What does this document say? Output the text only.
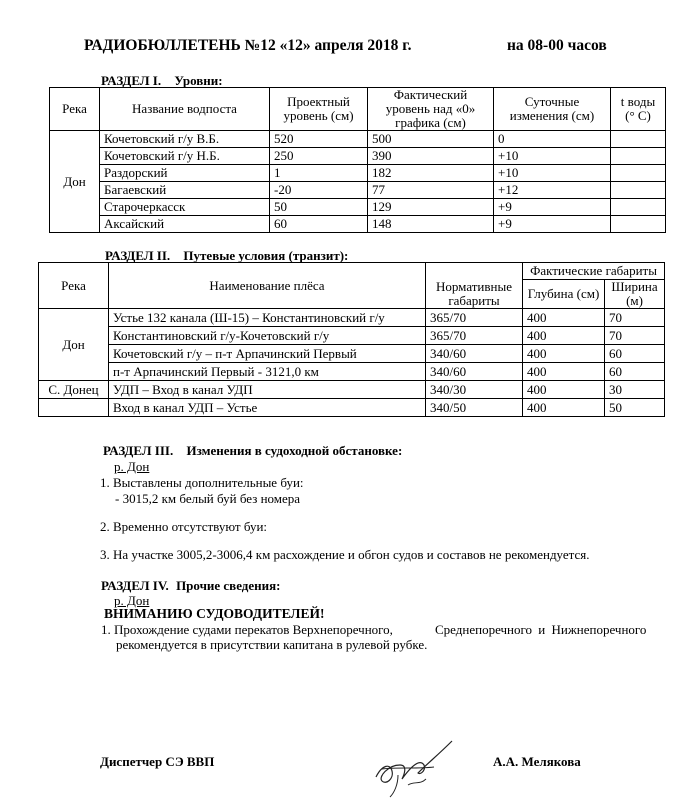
РАДИОБЮЛЛЕТЕНЬ №12 «12» апреля 2018 г.	на 08-00 часов
РАЗДЕЛ I. Уровни:
Река	Название водпоста	Проектный уровень (см)	Фактический уровень над «0» графика (см)	Суточные изменения (см)	t воды (° С)
Дон	Кочетовский г/у В.Б.	520	500	0	
	Кочетовский г/у Н.Б.	250	390	+10	
	Раздорский	1	182	+10	
	Багаевский	-20	77	+12	
	Старочеркасск	50	129	+9	
	Аксайский	60	148	+9	
РАЗДЕЛ II. Путевые условия (транзит):
Река	Наименование плёса	Нормативные габариты	Фактические габариты	
			Глубина (см)	Ширина (м)
Дон	Устье 132 канала (Ш-15) – Константиновский г/у	365/70	400	70
	Константиновский г/у-Кочетовский г/у	365/70	400	70
	Кочетовский г/у – п-т Арпачинский Первый	340/60	400	60
	п-т Арпачинский Первый - 3121,0 км	340/60	400	60
С. Донец	УДП – Вход в канал УДП	340/30	400	30
	Вход в канал УДП – Устье	340/50	400	50
РАЗДЕЛ III. Изменения в судоходной обстановке:
р. Дон
1. Выставлены дополнительные буи:
- 3015,2 км белый буй без номера
2. Временно отсутствуют буи:
3. На участке 3005,2-3006,4 км расхождение и обгон судов и составов не рекомендуется.
РАЗДЕЛ IV. Прочие сведения:
р. Дон
ВНИМАНИЮ СУДОВОДИТЕЛЕЙ!
1. Прохождение судами перекатов Верхнепоречного,	Среднепоречного и Нижнепоречного
рекомендуется в присутствии капитана в рулевой рубке.
Диспетчер СЭ ВВП	А.А. Мелякова
